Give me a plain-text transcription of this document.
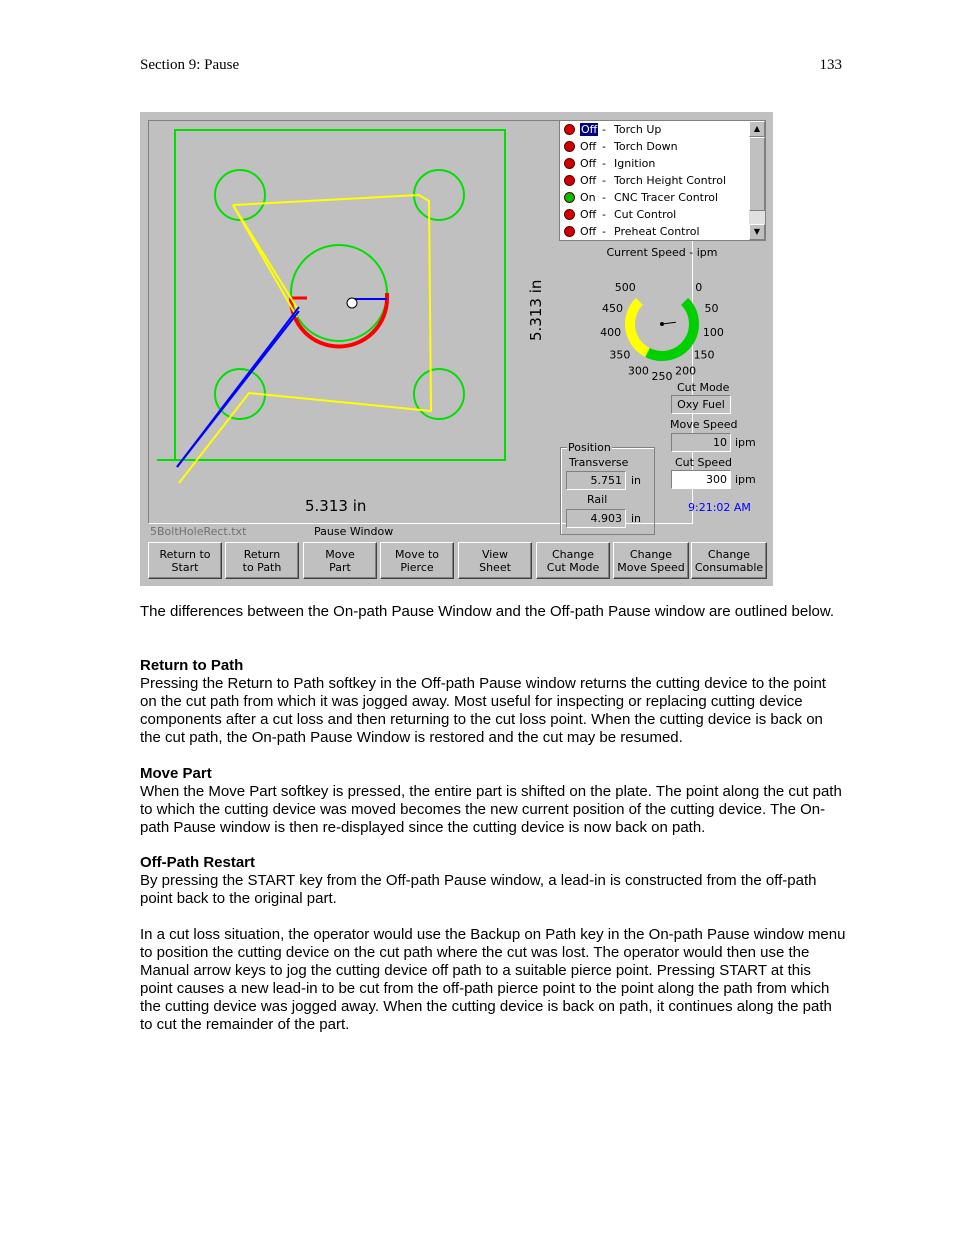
Section 9: Pause	133
5.313 in
5.313 in
5BoltHoleRect.txt	Pause Window
Off - Torch Up
Off - Torch Down
Off - Ignition
Off - Torch Height Control
On - CNC Tracer Control
Off - Cut Control
Off - Preheat Control
▲
▼
Current Speed - ipm
0
50
100
150
200
250
300
350
400
450
500
Cut Mode
Oxy Fuel
Move Speed
10 ipm
Cut Speed
300 ipm
9:21:02 AM
Position
Transverse
5.751 in
Rail
4.903 in
Return to
Start
Return
to Path
Move
Part
Move to
Pierce
View
Sheet
Change
Cut Mode
Change
Move Speed
Change
Consumable
The differences between the On-path Pause Window and the Off-path Pause window are outlined below.
Return to Path
Pressing the Return to Path softkey in the Off-path Pause window returns the cutting device to the point on the cut path from which it was jogged away. Most useful for inspecting or replacing cutting device components after a cut loss and then returning to the cut loss point. When the cutting device is back on the cut path, the On-path Pause Window is restored and the cut may be resumed.
Move Part
When the Move Part softkey is pressed, the entire part is shifted on the plate. The point along the cut path to which the cutting device was moved becomes the new current position of the cutting device. The On-path Pause window is then re-displayed since the cutting device is now back on path.
Off-Path Restart
By pressing the START key from the Off-path Pause window, a lead-in is constructed from the off-path point back to the original part.
In a cut loss situation, the operator would use the Backup on Path key in the On-path Pause window menu to position the cutting device on the cut path where the cut was lost. The operator would then use the Manual arrow keys to jog the cutting device off path to a suitable pierce point. Pressing START at this point causes a new lead-in to be cut from the off-path pierce point to the point along the path from which the cutting device was jogged away. When the cutting device is back on path, it continues along the path to cut the remainder of the part.
